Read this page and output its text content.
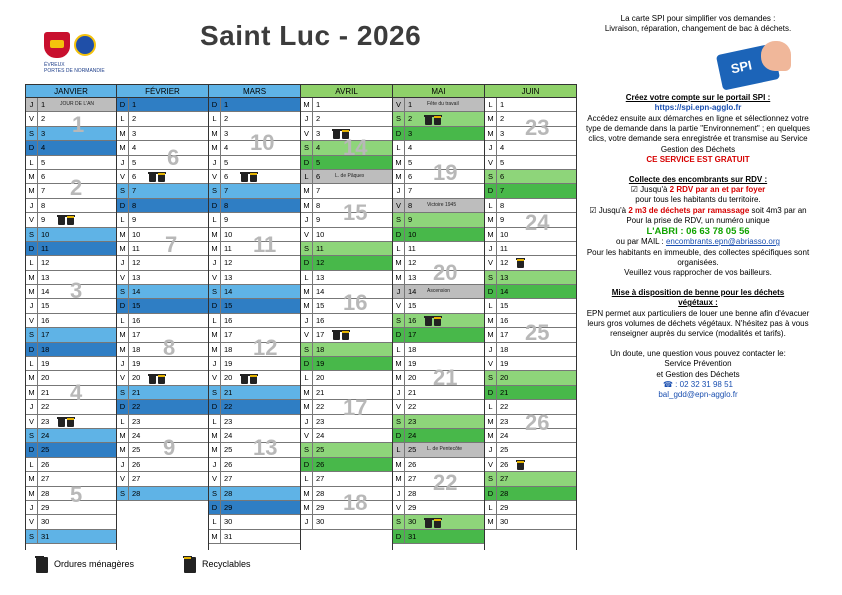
ÉVREUX
PORTES DE NORMANDIE
Saint Luc - 2026
JANVIER
J	1	JOUR DE L'AN
V 2
S 3
D 4
L 5
M 6
M 7
J	8
V 9
S 10
D 11
L 12
M 13
M 14
J	15
V 16
S 17
D 18
L 19
M 20
M 21
J	22
V 23
S 24
D 25
L 26
M 27
M 28
J	29
V 30
S 31
FÉVRIER
D 1
L 2
M 3
M 4
J	5
V 6
S 7
D 8
L 9
M 10
M 11
J	12
V 13
S 14
D 15
L 16
M 17
M 18
J	19
V 20
S 21
D 22
L 23
M 24
M 25
J	26
V 27
S 28
MARS
D 1
L 2
M 3
M 4
J	5
V 6
S 7
D 8
L 9
M 10
M 11
J	12
V 13
S 14
D 15
L 16
M 17
M 18
J	19
V 20
S 21
D 22
L 23
M 24
M 25
J	26
V 27
S 28
D 29
L 30
M 31
AVRIL
M 1
J	2
V 3
S 4
D 5
L 6	L. de Pâques
M 7
M 8
J	9
V 10
S 11
D 12
L 13
M 14
M 15
J	16
V 17
S 18
D 19
L 20
M 21
M 22
J	23
V 24
S 25
D 26
L 27
M 28
M 29
J	30
MAI
V 1	Fête du travail
S 2
D 3
L 4
M 5
M 6
J	7
V 8	Victoire 1945
S 9
D 10
L 11
M 12
M 13
J	14	Ascension
V 15
S 16
D 17
L 18
M 19
M 20
J	21
V 22
S 23
D 24
L 25	L. de Pentecôte
M 26
M 27
J	28
V 29
S 30
D 31
JUIN
L 1
M 2
M 3
J	4
V 5
S 6
D 7
L 8
M 9
M 10
J	11
V 12
S 13
D 14
L 15
M 16
M 17
J	18
V 19
S 20
D 21
L 22
M 23
M 24
J	25
V 26
S 27
D 28
L 29
M 30
1
2
3
4
5
6
7
8
9
10
11
12
13
14
15
16
17
18
19
20
21
22
23
24
25
26
Ordures ménagères	Recyclables
La carte SPI pour simplifier vos demandes :
Livraison, réparation, changement de bac à déchets.
SPI
Créez votre compte sur le portail SPI :
https://spi.epn-agglo.fr
Accédez ensuite aux démarches en ligne et sélectionnez votre type de demande dans la partie "Environnement" ; en quelques clics, votre demande sera enregistrée et transmise au Service Gestion des Déchets
CE SERVICE EST GRATUIT
Collecte des encombrants sur RDV :
☑ Jusqu'à 2 RDV par an et par foyer
pour tous les habitants du territoire.
☑ Jusqu'à 2 m3 de déchets par ramassage soit 4m3 par an
Pour la prise de RDV, un numéro unique
L'ABRI : 06 63 78 05 56
ou par MAIL : encombrants.epn@abriasso.org
Pour les habitants en immeuble, des collectes spécifiques sont organisées.
Veuillez vous rapprocher de vos bailleurs.
Mise à disposition de benne pour les déchets
végétaux :
EPN permet aux particuliers de louer une benne afin d'évacuer leurs gros volumes de déchets végétaux. N'hésitez pas à vous renseigner auprès du service (modalités et tarifs).
Un doute, une question vous pouvez contacter le:
Service Prévention
et Gestion des Déchets
☎ : 02 32 31 98 51
bal_gdd@epn-agglo.fr
